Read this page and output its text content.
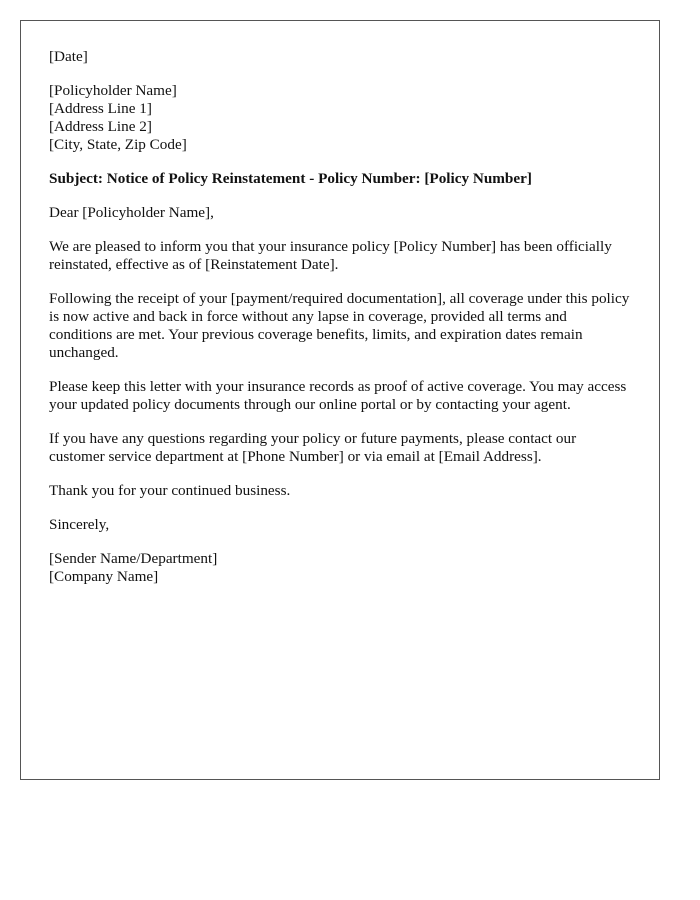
[Date]

[Policyholder Name]
[Address Line 1]
[Address Line 2]
[City, State, Zip Code]

Subject: Notice of Policy Reinstatement - Policy Number: [Policy Number]

Dear [Policyholder Name],

We are pleased to inform you that your insurance policy [Policy Number] has been officially reinstated, effective as of [Reinstatement Date].

Following the receipt of your [payment/required documentation], all coverage under this policy is now active and back in force without any lapse in coverage, provided all terms and conditions are met. Your previous coverage benefits, limits, and expiration dates remain unchanged.

Please keep this letter with your insurance records as proof of active coverage. You may access your updated policy documents through our online portal or by contacting your agent.

If you have any questions regarding your policy or future payments, please contact our customer service department at [Phone Number] or via email at [Email Address].

Thank you for your continued business.

Sincerely,

[Sender Name/Department]
[Company Name]
